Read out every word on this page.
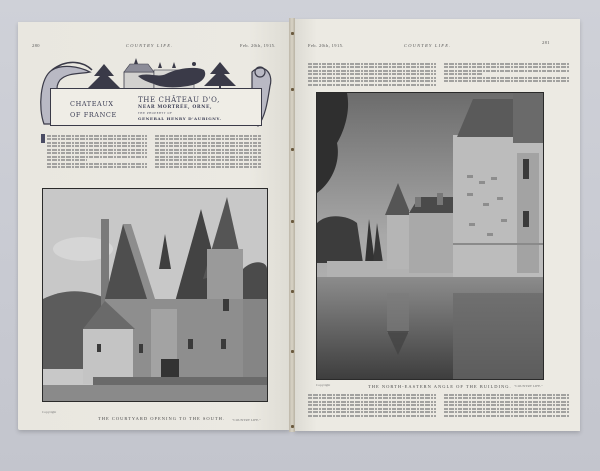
280	COUNTRY LIFE.	Feb. 20th, 1915.
CHATEAUX
OF FRANCE
THE CHÂTEAU D'O,
NEAR MORTRÉE, ORNE,
THE PROPERTY OF
GENERAL HENRY D'AUBIGNY.
Copyright
THE COURTYARD OPENING TO THE SOUTH. "COUNTRY LIFE."
Feb. 20th, 1915.	COUNTRY LIFE.
281
Copyright	THE NORTH-EASTERN ANGLE OF THE BUILDING. "COUNTRY LIFE."
